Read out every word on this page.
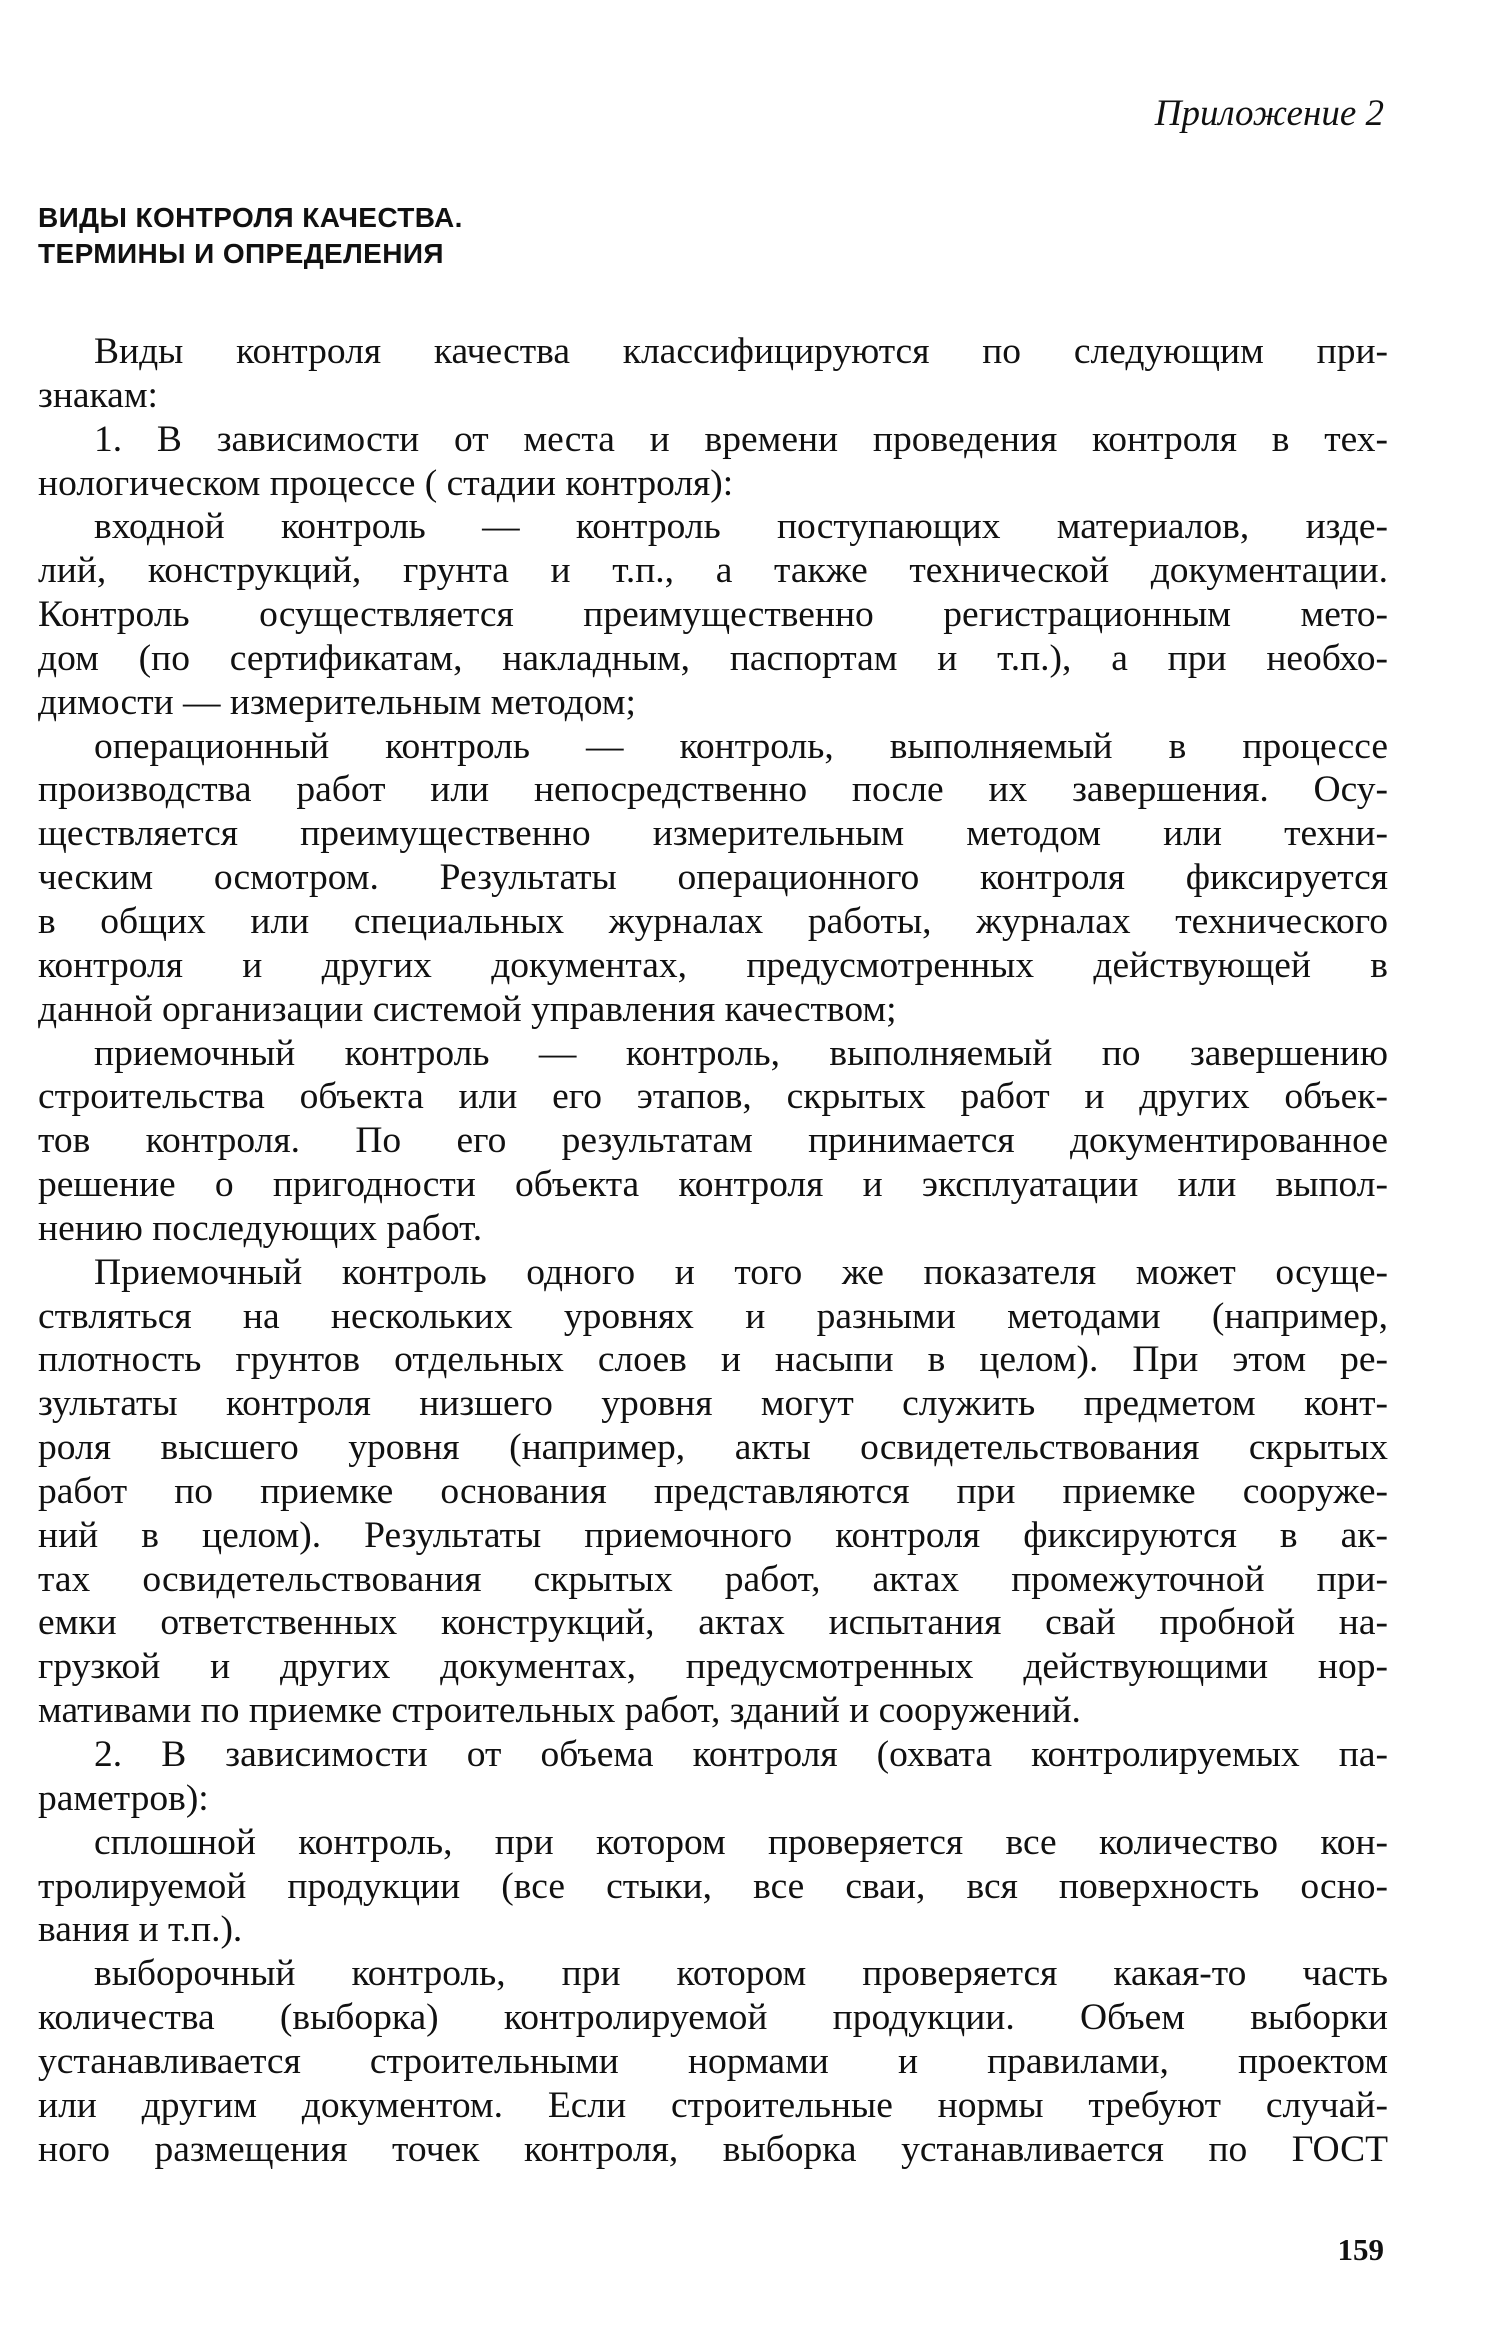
Приложение 2
ВИДЫ КОНТРОЛЯ КАЧЕСТВА.
ТЕРМИНЫ И ОПРЕДЕЛЕНИЯ
Виды контроля качества классифицируются по следующим при-
знакам:
1. В зависимости от места и времени проведения контроля в тех-
нологическом процессе ( стадии контроля):
входной контроль — контроль поступающих материалов, изде-
лий, конструкций, грунта и т.п., а также технической документации.
Контроль осуществляется преимущественно регистрационным мето-
дом (по сертификатам, накладным, паспортам и т.п.), а при необхо-
димости — измерительным методом;
операционный контроль — контроль, выполняемый в процессе
производства работ или непосредственно после их завершения. Осу-
ществляется преимущественно измерительным методом или техни-
ческим осмотром. Результаты операционного контроля фиксируется
в общих или специальных журналах работы, журналах технического
контроля и других документах, предусмотренных действующей в
данной организации системой управления качеством;
приемочный контроль — контроль, выполняемый по завершению
строительства объекта или его этапов, скрытых работ и других объек-
тов контроля. По его результатам принимается документированное
решение о пригодности объекта контроля и эксплуатации или выпол-
нению последующих работ.
Приемочный контроль одного и того же показателя может осуще-
ствляться на нескольких уровнях и разными методами (например,
плотность грунтов отдельных слоев и насыпи в целом). При этом ре-
зультаты контроля низшего уровня могут служить предметом конт-
роля высшего уровня (например, акты освидетельствования скрытых
работ по приемке основания представляются при приемке сооруже-
ний в целом). Результаты приемочного контроля фиксируются в ак-
тах освидетельствования скрытых работ, актах промежуточной при-
емки ответственных конструкций, актах испытания свай пробной на-
грузкой и других документах, предусмотренных действующими нор-
мативами по приемке строительных работ, зданий и сооружений.
2. В зависимости от объема контроля (охвата контролируемых па-
раметров):
сплошной контроль, при котором проверяется все количество кон-
тролируемой продукции (все стыки, все сваи, вся поверхность осно-
вания и т.п.).
выборочный контроль, при котором проверяется какая-то часть
количества (выборка) контролируемой продукции. Объем выборки
устанавливается строительными нормами и правилами, проектом
или другим документом. Если строительные нормы требуют случай-
ного размещения точек контроля, выборка устанавливается по ГОСТ
159
